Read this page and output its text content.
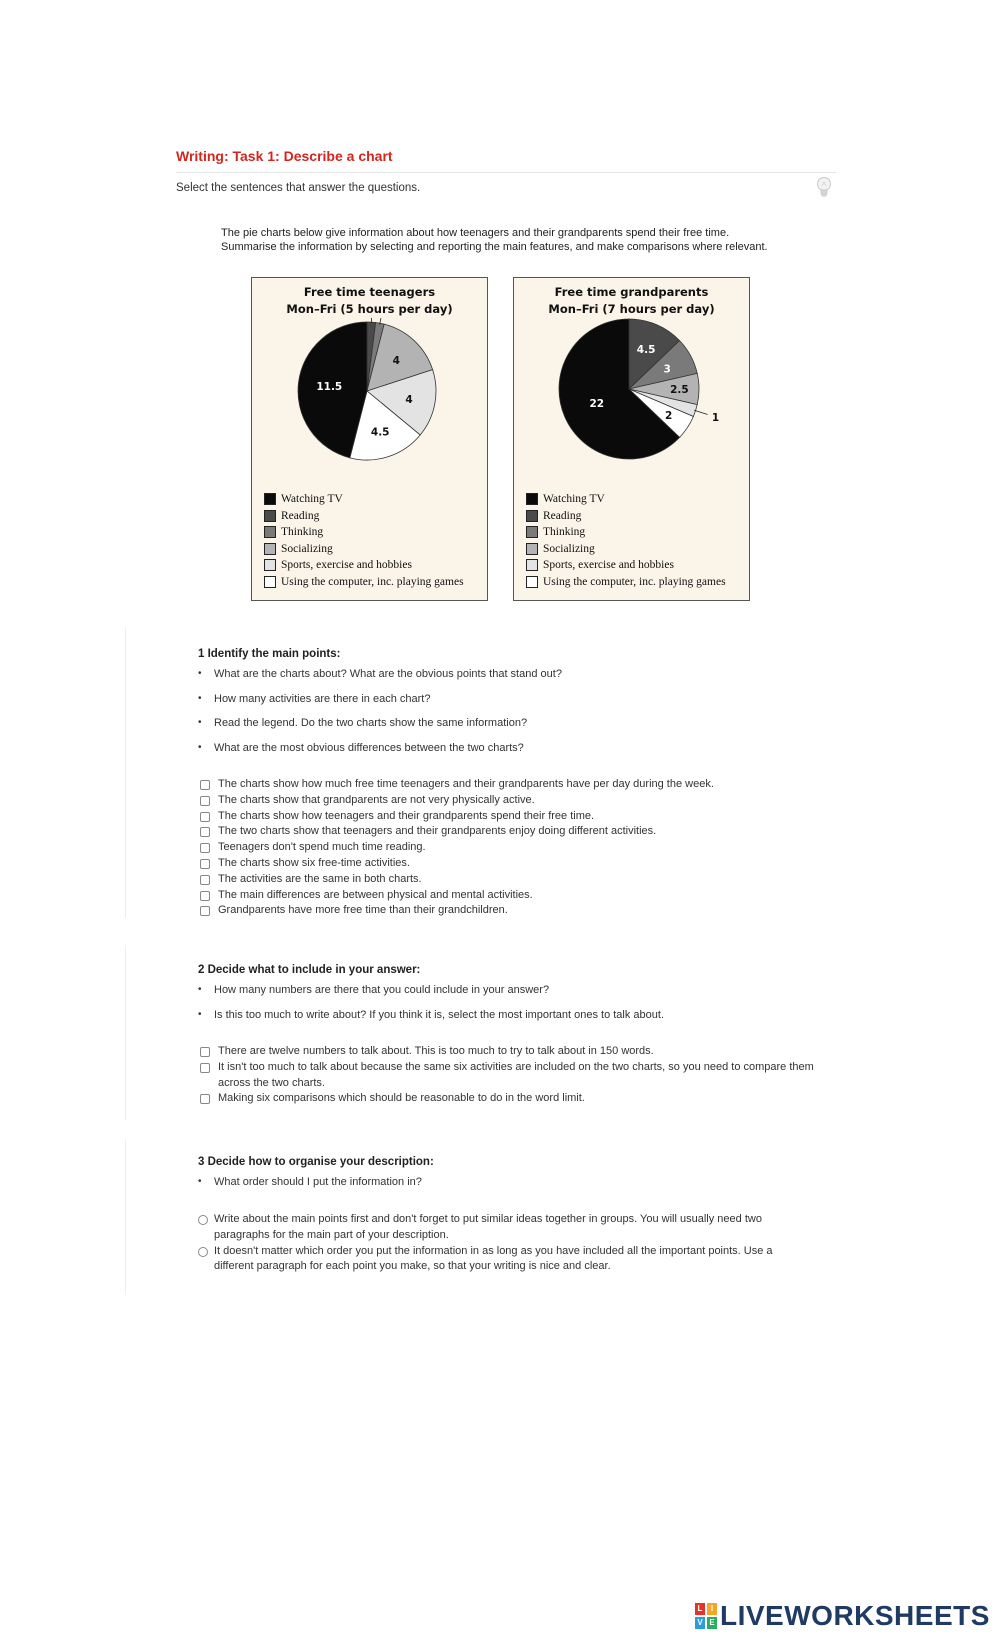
Writing: Task 1: Describe a chart
Select the sentences that answer the questions.
The pie charts below give information about how teenagers and their grandparents spend their free time.
Summarise the information by selecting and reporting the main features, and make comparisons where relevant.
Free time teenagers
Mon–Fri (5 hours per day)
4
4
4.5
11.5
Watching TV
Reading
Thinking
Socializing
Sports, exercise and hobbies
Using the computer, inc. playing games
Free time grandparents
Mon–Fri (7 hours per day)
4.5
3
2.5
1
2
22
Watching TV
Reading
Thinking
Socializing
Sports, exercise and hobbies
Using the computer, inc. playing games
1 Identify the main points:
•	What are the charts about? What are the obvious points that stand out?
•	How many activities are there in each chart?
•	Read the legend. Do the two charts show the same information?
•	What are the most obvious differences between the two charts?
The charts show how much free time teenagers and their grandparents have per day during the week.
The charts show that grandparents are not very physically active.
The charts show how teenagers and their grandparents spend their free time.
The two charts show that teenagers and their grandparents enjoy doing different activities.
Teenagers don't spend much time reading.
The charts show six free-time activities.
The activities are the same in both charts.
The main differences are between physical and mental activities.
Grandparents have more free time than their grandchildren.
2 Decide what to include in your answer:
•	How many numbers are there that you could include in your answer?
•	Is this too much to write about? If you think it is, select the most important ones to talk about.
There are twelve numbers to talk about. This is too much to try to talk about in 150 words.
It isn't too much to talk about because the same six activities are included on the two charts, so you need to compare them across the two charts.
Making six comparisons which should be reasonable to do in the word limit.
3 Decide how to organise your description:
•	What order should I put the information in?
Write about the main points first and don't forget to put similar ideas together in groups. You will usually need two paragraphs for the main part of your description.
It doesn't matter which order you put the information in as long as you have included all the important points. Use a different paragraph for each point you make, so that your writing is nice and clear.
L	I
V E LIVEWORKSHEETS
